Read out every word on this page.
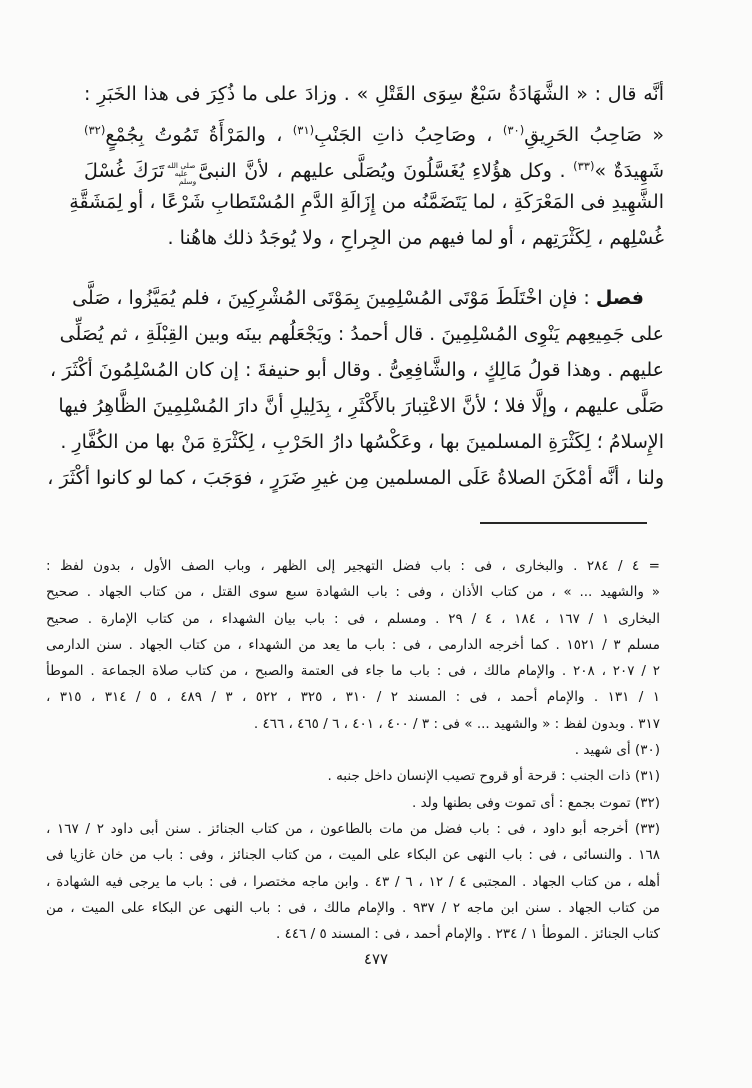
أنَّه قال : « الشَّهَادَةُ سَبْعٌ سِوَى القَتْلِ » . وزادَ على ما ذُكِرَ فى هذا الخَبَرِ :
« صَاحِبُ الحَرِيقِ$^{(٣٠)}$ ، وصَاحِبُ ذاتِ الجَنْبِ$^{(٣١)}$ ، والمَرْأَةُ تَمُوتُ بِجُمْعٍ$^{(٣٢)}$
شَهِيدَةٌ »$^{(٣٣)}$ . وكل هؤُلاءِ يُغَسَّلُونَ ويُصَلَّى عليهم ، لأنَّ النبىَّصلى الله عليه وسلمتَرَكَ غُسْلَ
الشَّهِيدِ فى المَعْرَكَةِ ، لما يَتَضَمَّنُه من إِزَالَةِ الدَّمِ المُسْتَطابِ شَرْعًا ، أو لِمَشَقَّةِ
غُسْلِهم ، لِكَثْرَتِهم ، أو لما فيهم من الجِراحِ ، ولا يُوجَدُ ذلك هاهُنا .
فصل : فإن اخْتَلَطَ مَوْتَى المُسْلِمِينَ بِمَوْتَى المُشْرِكِينَ ، فلم يُمَيَّزُوا ، صَلَّى
على جَمِيعِهم يَنْوِى المُسْلِمِينَ . قال أحمدُ : ويَجْعَلُهم بينَه وبين القِبْلَةِ ، ثم يُصَلِّى
عليهم . وهذا قولُ مَالِكٍ ، والشَّافِعِىُّ . وقال أبو حنيفةَ : إن كان المُسْلِمُونَ أكْثَرَ ،
صَلَّى عليهم ، وإلَّا فلا ؛ لأنَّ الاعْتِبارَ بالأَكْثَرِ ، بِدَلِيلِ أنَّ دارَ المُسْلِمِينَ الظَّاهِرُ فيها
الإِسلامُ ؛ لِكَثْرَةِ المسلمينَ بها ، وعَكْسُها دارُ الحَرْبِ ، لِكَثْرَةِ مَنْ بها من الكُفَّارِ .
ولنا ، أنَّه أمْكَنَ الصلاةُ عَلَى المسلمين مِن غيرِ ضَرَرٍ ، فوَجَبَ ، كما لو كانوا أكْثَرَ ،
= ٤ / ٢٨٤ . والبخارى ، فى : باب فضل التهجير إلى الظهر ، وباب الصف الأول ، بدون لفظ :
« والشهيد ... » ، من كتاب الأذان ، وفى : باب الشهادة سبع سوى القتل ، من كتاب الجهاد . صحيح
البخارى ١ / ١٦٧ ، ١٨٤ ، ٤ / ٢٩ . ومسلم ، فى : باب بيان الشهداء ، من كتاب الإمارة . صحيح
مسلم ٣ / ١٥٢١ . كما أخرجه الدارمى ، فى : باب ما يعد من الشهداء ، من كتاب الجهاد . سنن الدارمى
٢ / ٢٠٧ ، ٢٠٨ . والإمام مالك ، فى : باب ما جاء فى العتمة والصبح ، من كتاب صلاة الجماعة . الموطأ
١ / ١٣١ . والإمام أحمد ، فى : المسند ٢ / ٣١٠ ، ٣٢٥ ، ٥٢٢ ، ٣ / ٤٨٩ ، ٥ / ٣١٤ ، ٣١٥ ،
٣١٧ . وبدون لفظ : « والشهيد ... » فى : ٣ / ٤٠٠ ، ٤٠١ ، ٦ / ٤٦٥ ، ٤٦٦ .
(٣٠) أى شهيد .
(٣١) ذات الجنب : قرحة أو قروح تصيب الإنسان داخل جنبه .
(٣٢) تموت بجمع : أى تموت وفى بطنها ولد .
(٣٣) أخرجه أبو داود ، فى : باب فضل من مات بالطاعون ، من كتاب الجنائز . سنن أبى داود ٢ / ١٦٧ ،
١٦٨ . والنسائى ، فى : باب النهى عن البكاء على الميت ، من كتاب الجنائز ، وفى : باب من خان غازيا فى
أهله ، من كتاب الجهاد . المجتبى ٤ / ١٢ ، ٦ / ٤٣ . وابن ماجه مختصرا ، فى : باب ما يرجى فيه الشهادة ،
من كتاب الجهاد . سنن ابن ماجه ٢ / ٩٣٧ . والإمام مالك ، فى : باب النهى عن البكاء على الميت ، من
كتاب الجنائز . الموطأ ١ / ٢٣٤ . والإمام أحمد ، فى : المسند ٥ / ٤٤٦ .
٤٧٧
